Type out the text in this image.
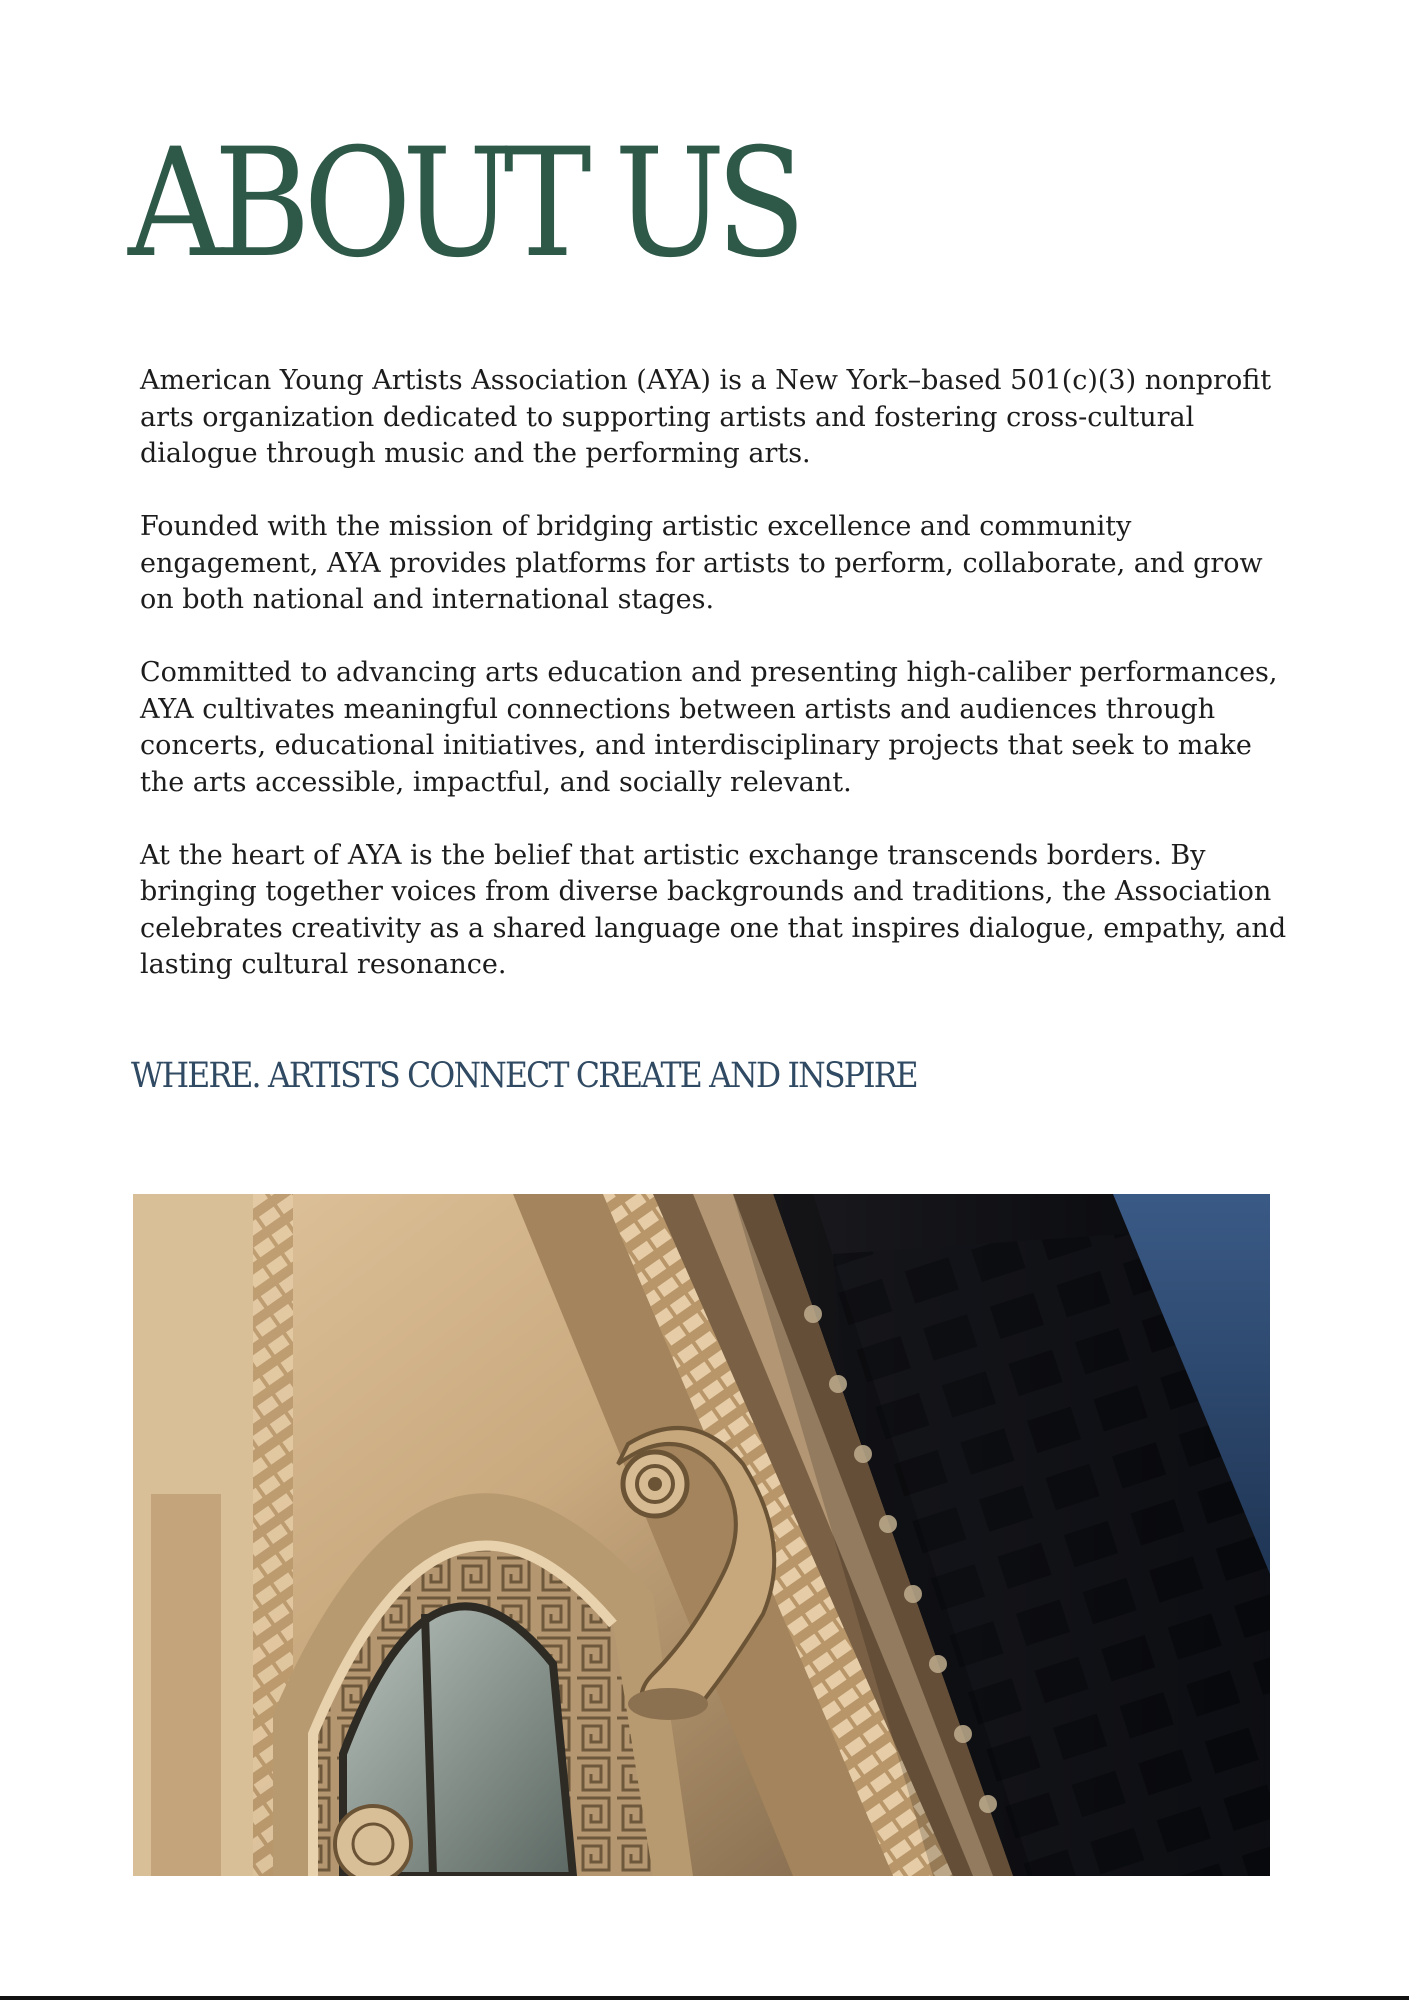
ABOUT US

American Young Artists Association (AYA) is a New York–based 501(c)(3) nonprofit arts organization dedicated to supporting artists and fostering cross-cultural dialogue through music and the performing arts.

Founded with the mission of bridging artistic excellence and community engagement, AYA provides platforms for artists to perform, collaborate, and grow on both national and international stages.

Committed to advancing arts education and presenting high-caliber performances, AYA cultivates meaningful connections between artists and audiences through concerts, educational initiatives, and interdisciplinary projects that seek to make the arts accessible, impactful, and socially relevant.

At the heart of AYA is the belief that artistic exchange transcends borders. By bringing together voices from diverse backgrounds and traditions, the Association celebrates creativity as a shared language one that inspires dialogue, empathy, and lasting cultural resonance.

WHERE. ARTISTS CONNECT CREATE AND INSPIRE
